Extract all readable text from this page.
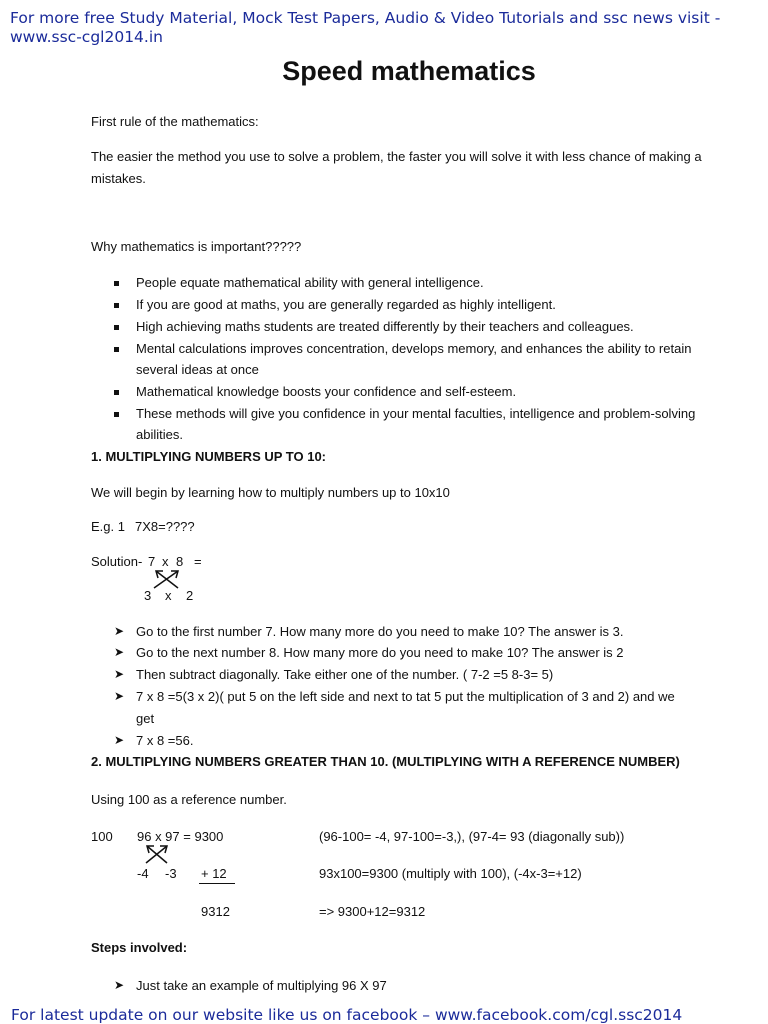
For more free Study Material, Mock Test Papers, Audio & Video Tutorials and ssc news visit -
www.ssc-cgl2014.in
Speed mathematics
First rule of the mathematics:
The easier the method you use to solve a problem, the faster you will solve it with less chance of making a
mistakes.
Why mathematics is important?????
People equate mathematical ability with general intelligence.
If you are good at maths, you are generally regarded as highly intelligent.
High achieving maths students are treated differently by their teachers and colleagues.
Mental calculations improves concentration, develops memory, and enhances the ability to retain
several ideas at once
Mathematical knowledge boosts your confidence and self-esteem.
These methods will give you confidence in your mental faculties, intelligence and problem-solving
abilities.
1. MULTIPLYING NUMBERS UP TO 10:
We will begin by learning how to multiply numbers up to 10x10
E.g. 1 7X8=????
Solution- 7 x 8 =
3 x 2
➤ Go to the first number 7. How many more do you need to make 10? The answer is 3.
➤ Go to the next number 8. How many more do you need to make 10? The answer is 2
➤ Then subtract diagonally. Take either one of the number. ( 7-2 =5 8-3= 5)
➤ 7 x 8 =5(3 x 2)( put 5 on the left side and next to tat 5 put the multiplication of 3 and 2) and we
get
➤ 7 x 8 =56.
2. MULTIPLYING NUMBERS GREATER THAN 10. (MULTIPLYING WITH A REFERENCE NUMBER)
Using 100 as a reference number.
100 96 x 97 = 9300	(96-100= -4, 97-100=-3,), (97-4= 93 (diagonally sub))
-4 -3 + 12	93x100=9300 (multiply with 100), (-4x-3=+12)
9312	=> 9300+12=9312
Steps involved:
➤ Just take an example of multiplying 96 X 97
For latest update on our website like us on facebook – www.facebook.com/cgl.ssc2014
